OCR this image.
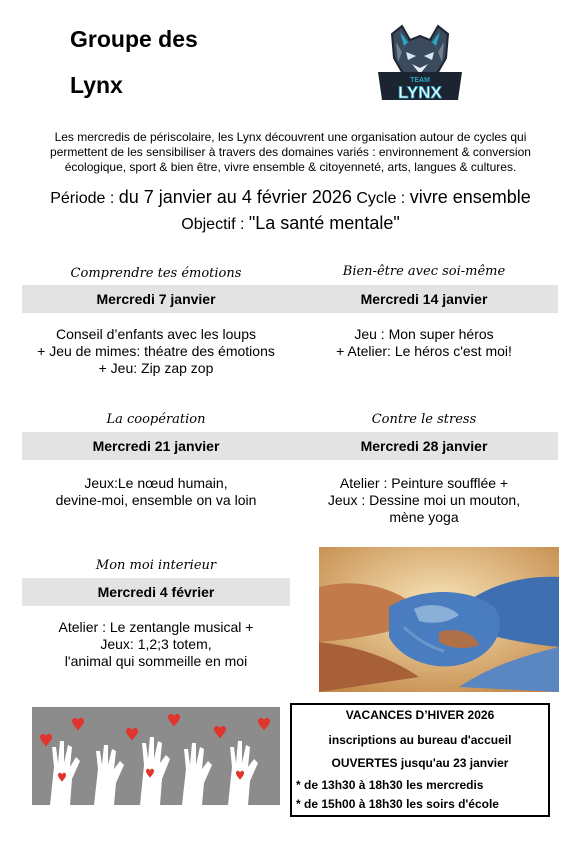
Groupe des
Lynx	TEAM
LYNX
Les mercredis de périscolaire, les Lynx découvrent une organisation autour de cycles qui permettent de les sensibiliser à travers des domaines variés : environnement & conversion écologique, sport & bien être, vivre ensemble & citoyenneté, arts, langues & cultures.
Période : du 7 janvier au 4 février 2026 Cycle : vivre ensemble
Objectif : "La santé mentale"
Comprendre tes émotions
Mercredi 7 janvier
Conseil d’enfants avec les loups
+ Jeu de mimes: théatre des émotions
+ Jeu: Zip zap zop
Bien-être avec soi-même
Mercredi 14 janvier
Jeu : Mon super héros
+ Atelier: Le héros c'est moi!
La coopération
Mercredi 21 janvier
Jeux:Le nœud humain,
devine-moi, ensemble on va loin
Contre le stress
Mercredi 28 janvier
Atelier : Peinture soufflée +
Jeux : Dessine moi un mouton,
mène yoga
Mon moi interieur
Mercredi 4 février
Atelier : Le zentangle musical +
Jeux: 1,2;3 totem,
l'animal qui sommeille en moi
VACANCES D’HIVER 2026
inscriptions au bureau d'accueil
OUVERTES jusqu'au 23 janvier
* de 13h30 à 18h30 les mercredis
* de 15h00 à 18h30 les soirs d'école
